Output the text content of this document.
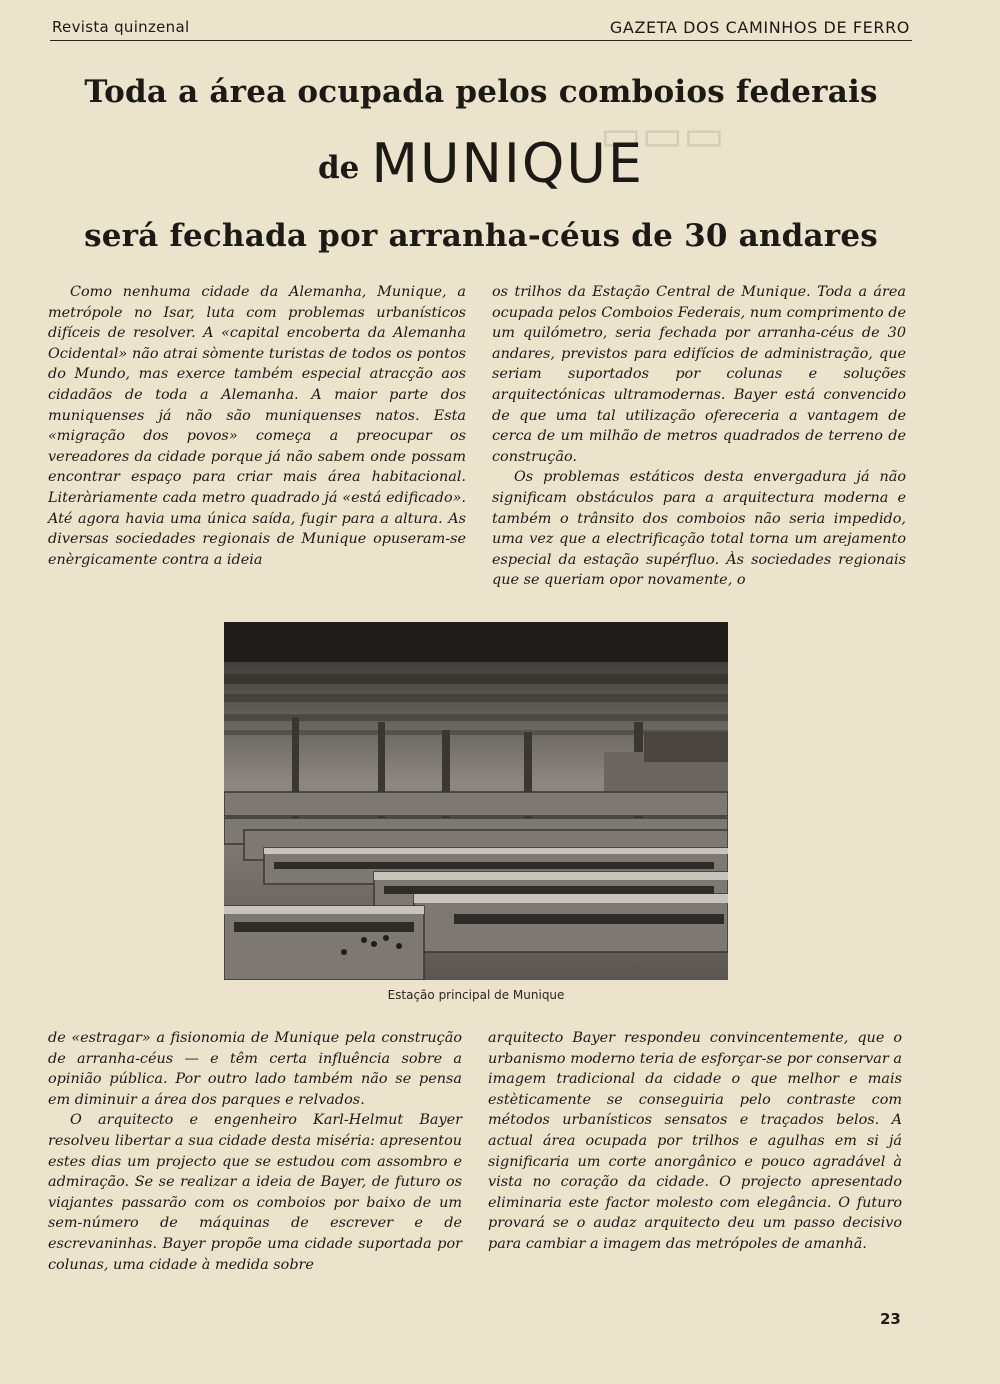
▭▭▭
Revista quinzenal	GAZETA DOS CAMINHOS DE FERRO
Toda a área ocupada pelos comboios federais
de MUNIQUE
será fechada por arranha-céus de 30 andares

Como nenhuma cidade da Alemanha, Munique, a metrópole no Isar, luta com problemas urbanísticos difíceis de resolver. A «capital encoberta da Alemanha Ocidental» não atrai sòmente turistas de todos os pontos do Mundo, mas exerce também especial atracção aos cidadãos de toda a Alemanha. A maior parte dos muniquenses já não são muniquenses natos. Esta «migração dos povos» começa a preocupar os vereadores da cidade porque já não sabem onde possam encontrar espaço para criar mais área habitacional. Literàriamente cada metro quadrado já «está edificado». Até agora havia uma única saída, fugir para a altura. As diversas sociedades regionais de Munique opuseram-se enèrgicamente contra a ideia

os trilhos da Estação Central de Munique. Toda a área ocupada pelos Comboios Federais, num comprimento de um quilómetro, seria fechada por arranha-céus de 30 andares, previstos para edifícios de administração, que seriam suportados por colunas e soluções arquitectónicas ultramodernas. Bayer está convencido de que uma tal utilização ofereceria a vantagem de cerca de um milhão de metros quadrados de terreno de construção.

Os problemas estáticos desta envergadura já não significam obstáculos para a arquitectura moderna e também o trânsito dos comboios não seria impedido, uma vez que a electrificação total torna um arejamento especial da estação supérfluo. Às sociedades regionais que se queriam opor novamente, o

Estação principal de Munique

de «estragar» a fisionomia de Munique pela construção de arranha-céus — e têm certa influência sobre a opinião pública. Por outro lado também não se pensa em diminuir a área dos parques e relvados.

O arquitecto e engenheiro Karl-Helmut Bayer resolveu libertar a sua cidade desta miséria: apresentou estes dias um projecto que se estudou com assombro e admiração. Se se realizar a ideia de Bayer, de futuro os viajantes passarão com os comboios por baixo de um sem-número de máquinas de escrever e de escrevaninhas. Bayer propõe uma cidade suportada por colunas, uma cidade à medida sobre

arquitecto Bayer respondeu convincentemente, que o urbanismo moderno teria de esforçar-se por conservar a imagem tradicional da cidade o que melhor e mais estèticamente se conseguiria pelo contraste com métodos urbanísticos sensatos e traçados belos. A actual área ocupada por trilhos e agulhas em si já significaria um corte anorgânico e pouco agradável à vista no coração da cidade. O projecto apresentado eliminaria este factor molesto com elegância. O futuro provará se o audaz arquitecto deu um passo decisivo para cambiar a imagem das metrópoles de amanhã.

23
